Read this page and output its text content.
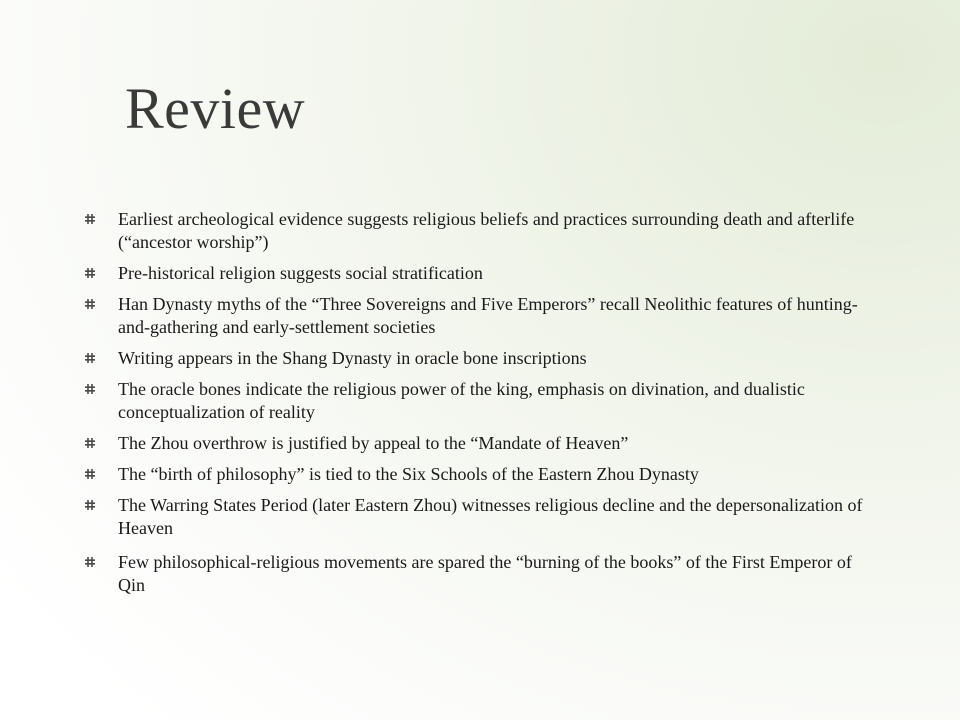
Review
Earliest archeological evidence suggests religious beliefs and practices surrounding death and afterlife (“ancestor worship”)
Pre-historical religion suggests social stratification
Han Dynasty myths of the “Three Sovereigns and Five Emperors” recall Neolithic features of hunting-and-gathering and early-settlement societies
Writing appears in the Shang Dynasty in oracle bone inscriptions
The oracle bones indicate the religious power of the king, emphasis on divination, and dualistic conceptualization of reality
The Zhou overthrow is justified by appeal to the “Mandate of Heaven”
The “birth of philosophy” is tied to the Six Schools of the Eastern Zhou Dynasty
The Warring States Period (later Eastern Zhou) witnesses religious decline and the depersonalization of Heaven
Few philosophical-religious movements are spared the “burning of the books” of the First Emperor of Qin
